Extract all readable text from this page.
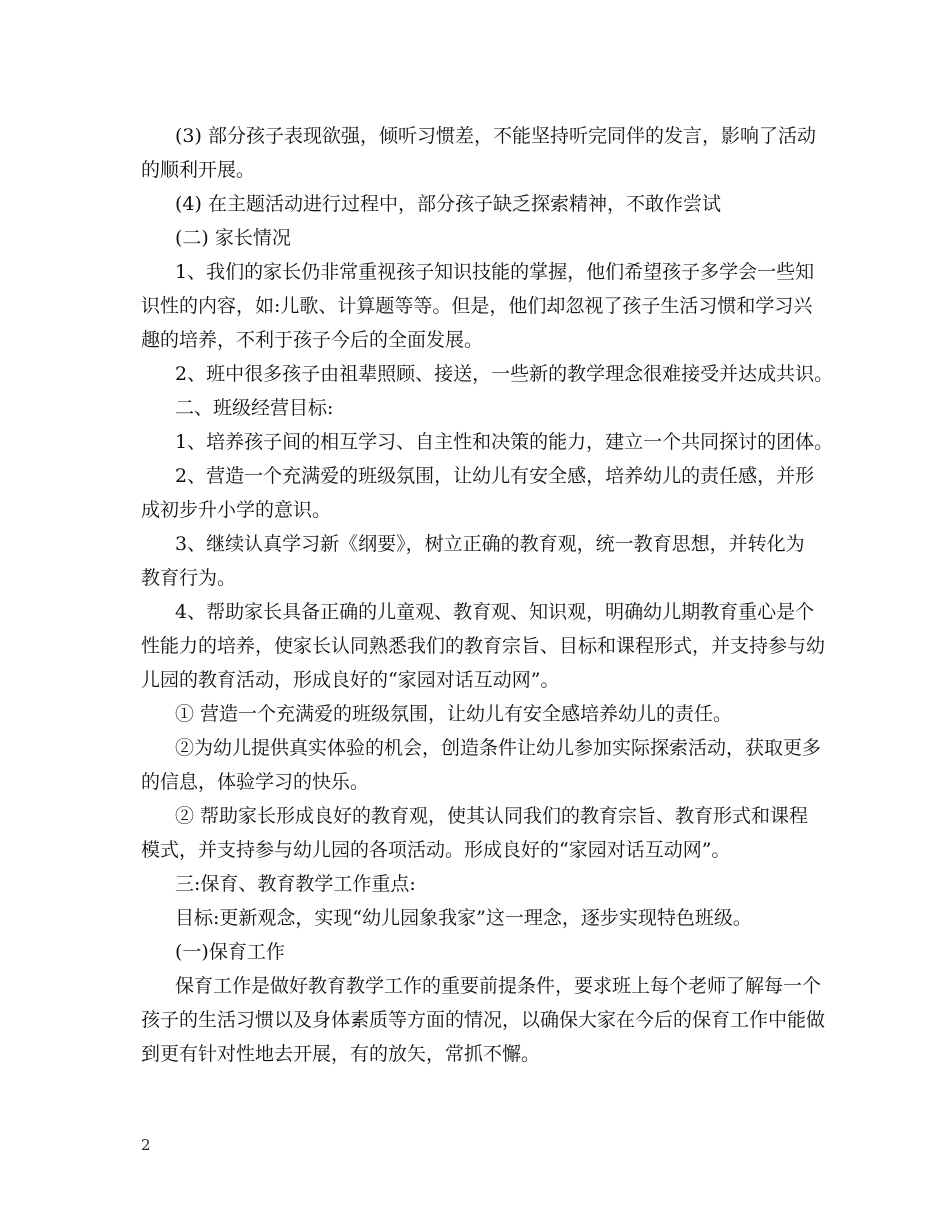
(3) 部分孩子表现欲强，倾听习惯差，不能坚持听完同伴的发言，影响了活动
的顺利开展。
(4) 在主题活动进行过程中，部分孩子缺乏探索精神，不敢作尝试
(二) 家长情况
1、我们的家长仍非常重视孩子知识技能的掌握，他们希望孩子多学会一些知
识性的内容，如:儿歌、计算题等等。但是，他们却忽视了孩子生活习惯和学习兴
趣的培养，不利于孩子今后的全面发展。
2、班中很多孩子由祖辈照顾、接送，一些新的教学理念很难接受并达成共识。
二、班级经营目标:
1、培养孩子间的相互学习、自主性和决策的能力，建立一个共同探讨的团体。
2、营造一个充满爱的班级氛围，让幼儿有安全感，培养幼儿的责任感，并形
成初步升小学的意识。
3、继续认真学习新《纲要》，树立正确的教育观，统一教育思想，并转化为
教育行为。
4、帮助家长具备正确的儿童观、教育观、知识观，明确幼儿期教育重心是个
性能力的培养，使家长认同熟悉我们的教育宗旨、目标和课程形式，并支持参与幼
儿园的教育活动，形成良好的“家园对话互动网”。
① 营造一个充满爱的班级氛围，让幼儿有安全感培养幼儿的责任。
②为幼儿提供真实体验的机会，创造条件让幼儿参加实际探索活动，获取更多
的信息，体验学习的快乐。
② 帮助家长形成良好的教育观，使其认同我们的教育宗旨、教育形式和课程
模式，并支持参与幼儿园的各项活动。形成良好的“家园对话互动网”。
三:保育、教育教学工作重点:
目标:更新观念，实现“幼儿园象我家”这一理念，逐步实现特色班级。
(一)保育工作
保育工作是做好教育教学工作的重要前提条件，要求班上每个老师了解每一个
孩子的生活习惯以及身体素质等方面的情况，以确保大家在今后的保育工作中能做
到更有针对性地去开展，有的放矢，常抓不懈。
2
